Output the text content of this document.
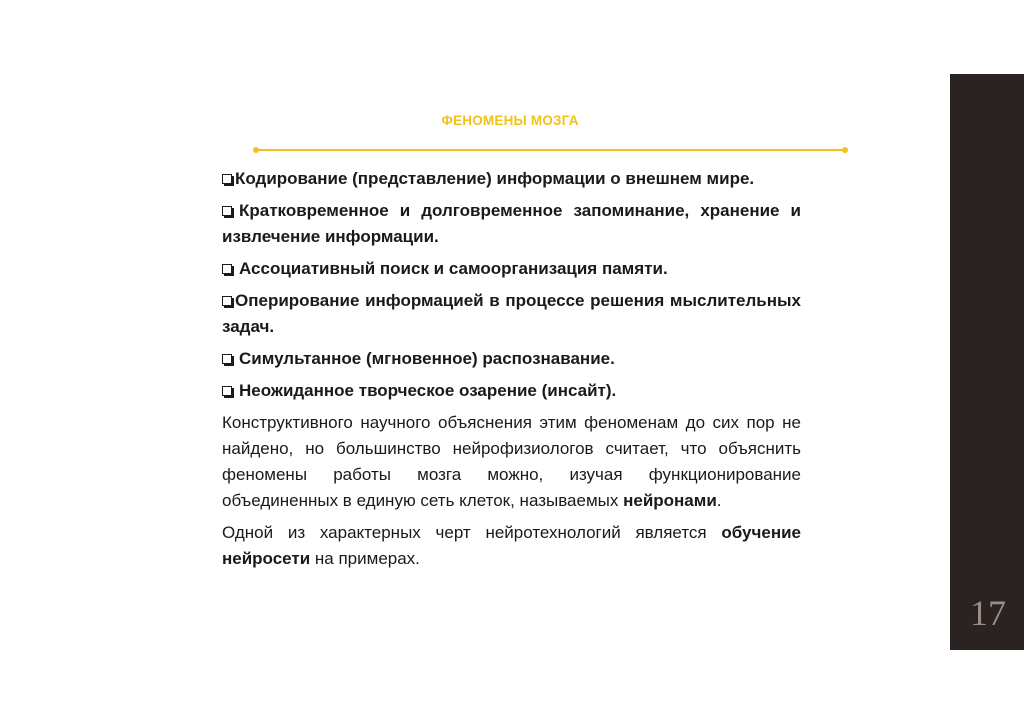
ФЕНОМЕНЫ МОЗГА

Кодирование (представление) информации о внешнем мире.

Кратковременное и долговременное запоминание, хранение и извлечение информации.

Ассоциативный поиск и самоорганизация памяти.

Оперирование информацией в процессе решения мыслительных задач.

Симультанное (мгновенное) распознавание.

Неожиданное творческое озарение (инсайт).

Конструктивного научного объяснения этим феноменам до сих пор не найдено, но большинство нейрофизиологов считает, что объяснить феномены работы мозга можно, изучая функционирование объединенных в единую сеть клеток, называемых нейронами.

Одной из характерных черт нейротехнологий является обучение нейросети на примерах.

17
